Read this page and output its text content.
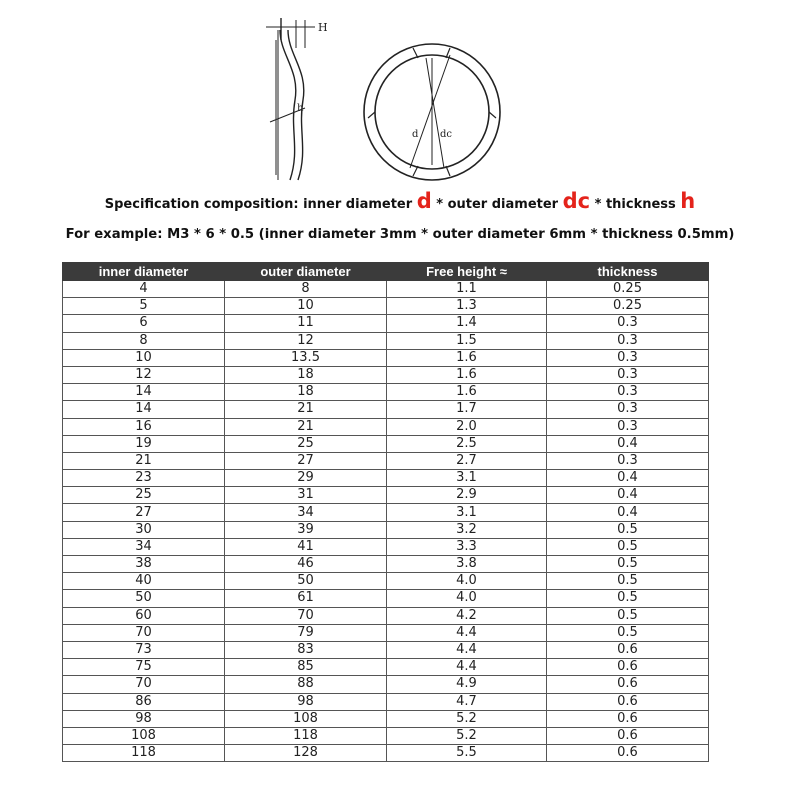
H
h
d dc
Specification composition: inner diameter d * outer diameter dc * thickness h
For example: M3 * 6 * 0.5 (inner diameter 3mm * outer diameter 6mm * thickness 0.5mm)
inner diameter	outer diameter	Free height ≈	thickness
4	8	1.1	0.25
5	10	1.3	0.25
6	11	1.4	0.3
8	12	1.5	0.3
10	13.5	1.6	0.3
12	18	1.6	0.3
14	18	1.6	0.3
14	21	1.7	0.3
16	21	2.0	0.3
19	25	2.5	0.4
21	27	2.7	0.3
23	29	3.1	0.4
25	31	2.9	0.4
27	34	3.1	0.4
30	39	3.2	0.5
34	41	3.3	0.5
38	46	3.8	0.5
40	50	4.0	0.5
50	61	4.0	0.5
60	70	4.2	0.5
70	79	4.4	0.5
73	83	4.4	0.6
75	85	4.4	0.6
70	88	4.9	0.6
86	98	4.7	0.6
98	108	5.2	0.6
108	118	5.2	0.6
118	128	5.5	0.6
